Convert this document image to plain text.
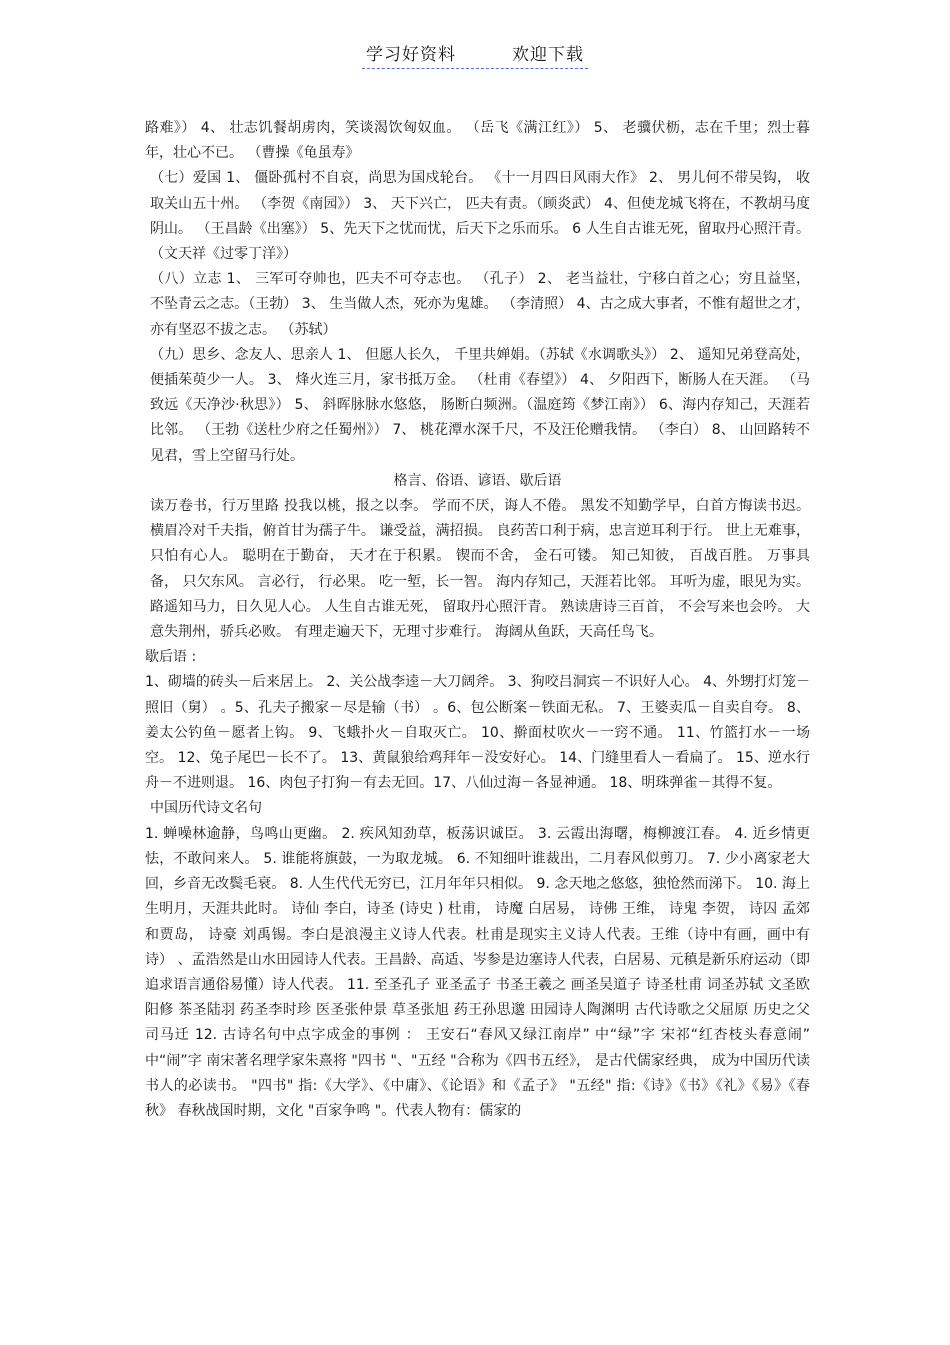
学习好资料	欢迎下载

路难》） 4、 壮志饥餐胡虏肉，笑谈渴饮匈奴血。 （岳飞《满江红》） 5、 老骥伏枥，志在千里；烈士暮年，壮心不已。 （曹操《龟虽寿》

（七）爱国 1、 僵卧孤村不自哀，尚思为国戍轮台。 《十一月四日风雨大作》 2、 男儿何不带吴钩， 收取关山五十州。 （李贺《南园》） 3、 天下兴亡， 匹夫有责。（顾炎武） 4、但使龙城飞将在，不教胡马度阴山。 （王昌龄《出塞》） 5、先天下之忧而忧，后天下之乐而乐。 6 人生自古谁无死，留取丹心照汗青。 （文天祥《过零丁洋》）

（八）立志 1、 三军可夺帅也，匹夫不可夺志也。 （孔子） 2、 老当益壮，宁移白首之心；穷且益坚， 不坠青云之志。（王勃） 3、 生当做人杰，死亦为鬼雄。 （李清照） 4、古之成大事者，不惟有超世之才，亦有坚忍不拔之志。 （苏轼）

（九）思乡、念友人、思亲人 1、 但愿人长久， 千里共婵娟。（苏轼《水调歌头》） 2、 遥知兄弟登高处，便插茱萸少一人。 3、 烽火连三月，家书抵万金。 （杜甫《春望》） 4、 夕阳西下，断肠人在天涯。 （马致远《天净沙·秋思》） 5、 斜晖脉脉水悠悠， 肠断白频洲。（温庭筠《梦江南》） 6、海内存知己，天涯若比邻。 （王勃《送杜少府之任蜀州》） 7、 桃花潭水深千尺，不及汪伦赠我情。 （李白） 8、 山回路转不见君，雪上空留马行处。

格言、俗语、谚语、歇后语

读万卷书，行万里路 投我以桃，报之以李。 学而不厌，诲人不倦。 黑发不知勤学早，白首方悔读书迟。 横眉冷对千夫指，俯首甘为孺子牛。 谦受益，满招损。 良药苦口利于病，忠言逆耳利于行。 世上无难事， 只怕有心人。 聪明在于勤奋， 天才在于积累。 锲而不舍， 金石可镂。 知己知彼， 百战百胜。 万事具备， 只欠东风。 言必行， 行必果。 吃一堑，长一智。 海内存知己，天涯若比邻。 耳听为虚，眼见为实。 路遥知马力，日久见人心。 人生自古谁无死， 留取丹心照汗青。 熟读唐诗三百首， 不会写来也会吟。 大意失荆州，骄兵必败。 有理走遍天下，无理寸步难行。 海阔从鱼跃，天高任鸟飞。

歇后语 :

1、砌墙的砖头－后来居上。 2、关公战李逵－大刀阔斧。 3、狗咬吕洞宾－不识好人心。 4、外甥打灯笼－照旧（舅） 。5、孔夫子搬家－尽是输（书） 。6、包公断案－铁面无私。 7、王婆卖瓜－自卖自夸。 8、姜太公钓鱼－愿者上钩。 9、飞蛾扑火－自取灭亡。 10、擀面杖吹火－一窍不通。 11、竹篮打水－一场空。 12、兔子尾巴－长不了。 13、黄鼠狼给鸡拜年－没安好心。 14、门缝里看人－看扁了。 15、逆水行舟－不进则退。 16、肉包子打狗－有去无回。17、八仙过海－各显神通。 18、明珠弹雀－其得不复。

中国历代诗文名句

1. 蝉噪林逾静，鸟鸣山更幽。 2. 疾风知劲草，板荡识诚臣。 3. 云霞出海曙，梅柳渡江春。 4. 近乡情更怯，不敢问来人。 5. 谁能将旗鼓，一为取龙城。 6. 不知细叶谁裁出，二月春风似剪刀。 7. 少小离家老大回，乡音无改鬓毛衰。 8. 人生代代无穷已，江月年年只相似。 9. 念天地之悠悠，独怆然而涕下。 10. 海上生明月，天涯共此时。 诗仙 李白，诗圣 (诗史 ) 杜甫， 诗魔 白居易， 诗佛 王维， 诗鬼 李贺， 诗囚 孟郊和贾岛， 诗豪 刘禹锡。李白是浪漫主义诗人代表。杜甫是现实主义诗人代表。王维（诗中有画，画中有诗） 、孟浩然是山水田园诗人代表。王昌龄、高适、岑参是边塞诗人代表，白居易、元稹是新乐府运动（即追求语言通俗易懂）诗人代表。 11. 至圣孔子 亚圣孟子 书圣王羲之 画圣吴道子 诗圣杜甫 词圣苏轼 文圣欧阳修 茶圣陆羽 药圣李时珍 医圣张仲景 草圣张旭 药王孙思邈 田园诗人陶渊明 古代诗歌之父屈原 历史之父司马迁 12. 古诗名句中点字成金的事例 ： 王安石“春风又绿江南岸” 中“绿”字 宋祁“红杏枝头春意闹” 中“闹”字 南宋著名理学家朱熹将 "四书 "、"五经 "合称为《四书五经》， 是古代儒家经典， 成为中国历代读书人的必读书。 "四书" 指:《大学》、《中庸》、《论语》和《孟子》 "五经" 指:《诗》《书》《礼》《易》《春秋》 春秋战国时期，文化 "百家争鸣 "。代表人物有：儒家的
